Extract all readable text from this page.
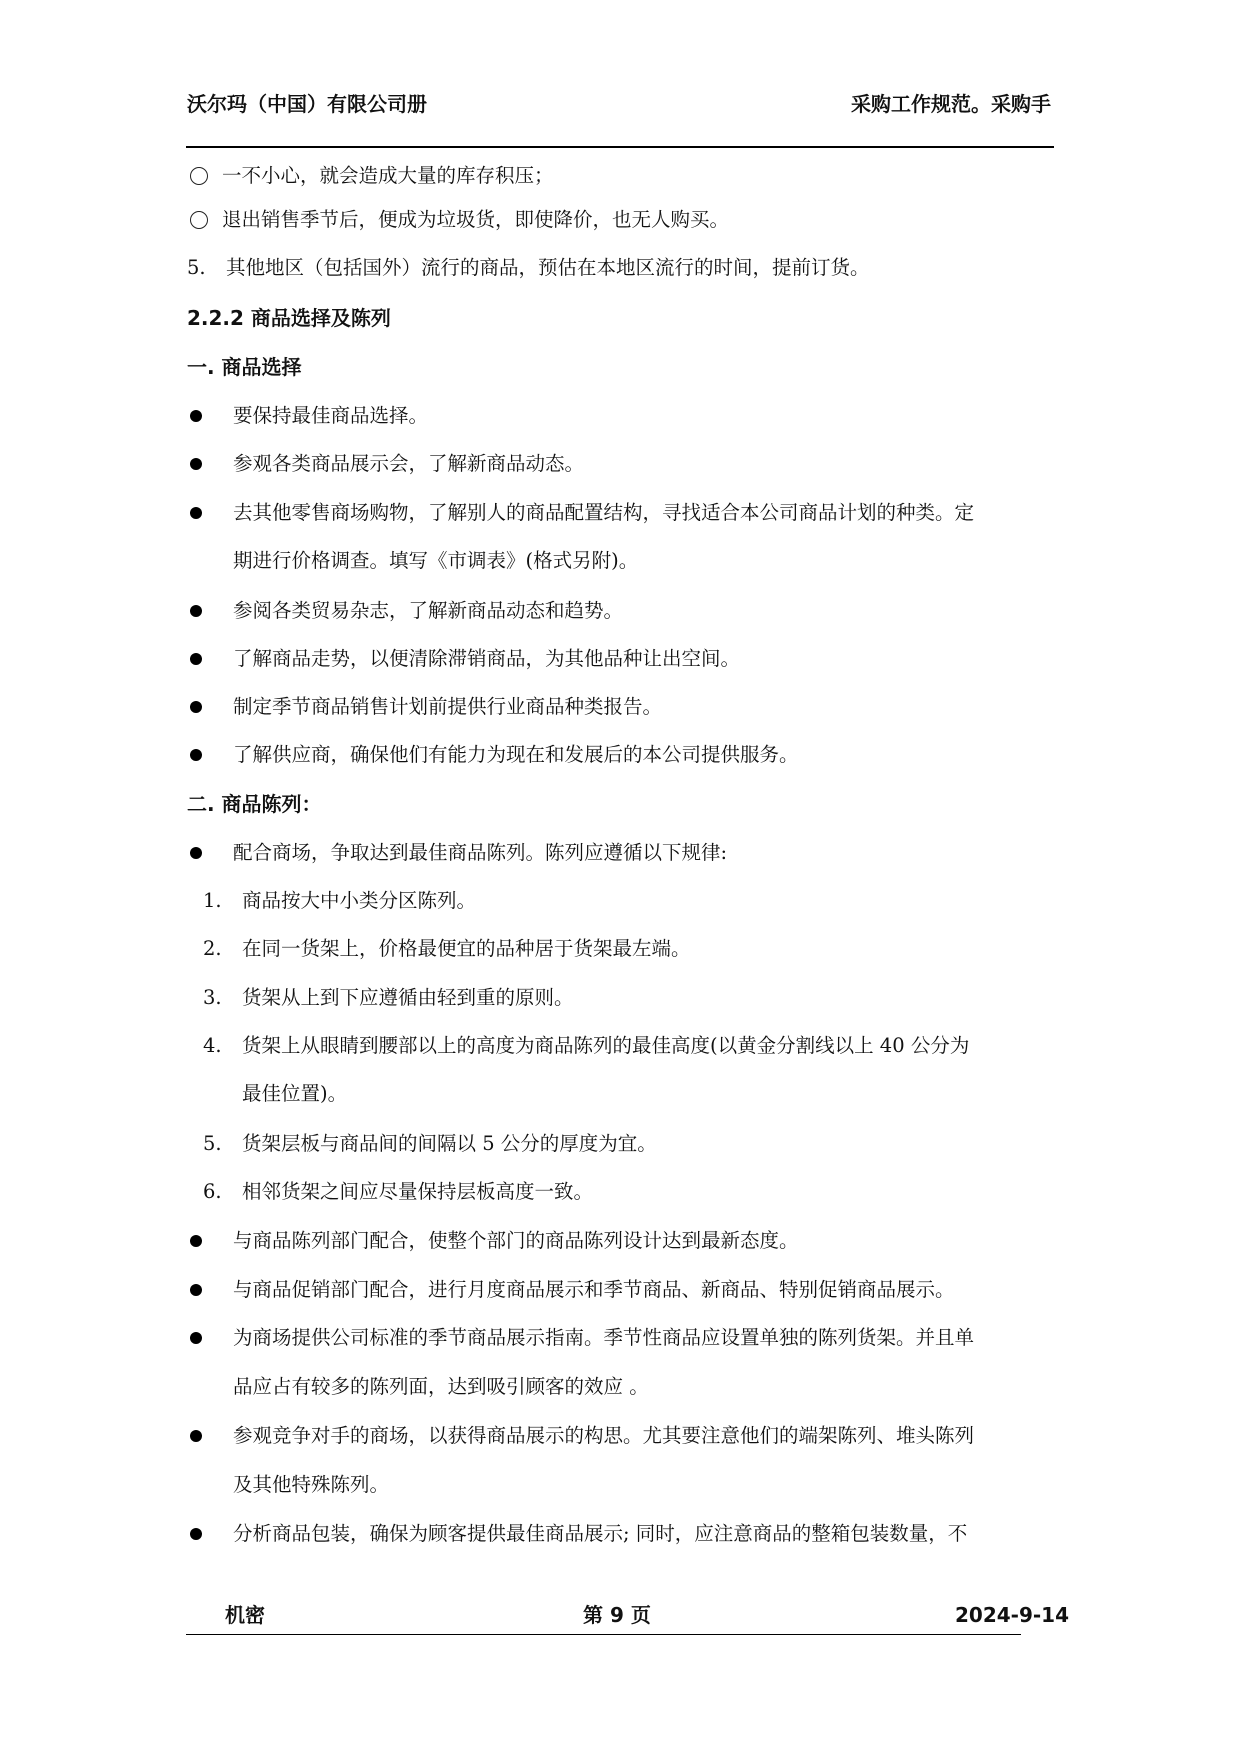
沃尔玛（中国）有限公司册	采购工作规范。采购手
一不小心，就会造成大量的库存积压；
退出销售季节后，便成为垃圾货，即使降价，也无人购买。
5. 其他地区（包括国外）流行的商品，预估在本地区流行的时间，提前订货。
2.2.2 商品选择及陈列
一. 商品选择
要保持最佳商品选择。
参观各类商品展示会，了解新商品动态。
去其他零售商场购物，了解别人的商品配置结构，寻找适合本公司商品计划的种类。定
期进行价格调查。填写《市调表》(格式另附)。
参阅各类贸易杂志，了解新商品动态和趋势。
了解商品走势，以便清除滞销商品，为其他品种让出空间。
制定季节商品销售计划前提供行业商品种类报告。
了解供应商，确保他们有能力为现在和发展后的本公司提供服务。
二. 商品陈列：
配合商场，争取达到最佳商品陈列。陈列应遵循以下规律:
1. 商品按大中小类分区陈列。
2. 在同一货架上，价格最便宜的品种居于货架最左端。
3. 货架从上到下应遵循由轻到重的原则。
4. 货架上从眼睛到腰部以上的高度为商品陈列的最佳高度(以黄金分割线以上 40 公分为
最佳位置)。
5. 货架层板与商品间的间隔以 5 公分的厚度为宜。
6. 相邻货架之间应尽量保持层板高度一致。
与商品陈列部门配合，使整个部门的商品陈列设计达到最新态度。
与商品促销部门配合，进行月度商品展示和季节商品、新商品、特别促销商品展示。
为商场提供公司标准的季节商品展示指南。季节性商品应设置单独的陈列货架。并且单
品应占有较多的陈列面，达到吸引顾客的效应 。
参观竞争对手的商场，以获得商品展示的构思。尤其要注意他们的端架陈列、堆头陈列
及其他特殊陈列。
分析商品包装，确保为顾客提供最佳商品展示; 同时，应注意商品的整箱包装数量，不
机密	第 9 页	2024-9-14
